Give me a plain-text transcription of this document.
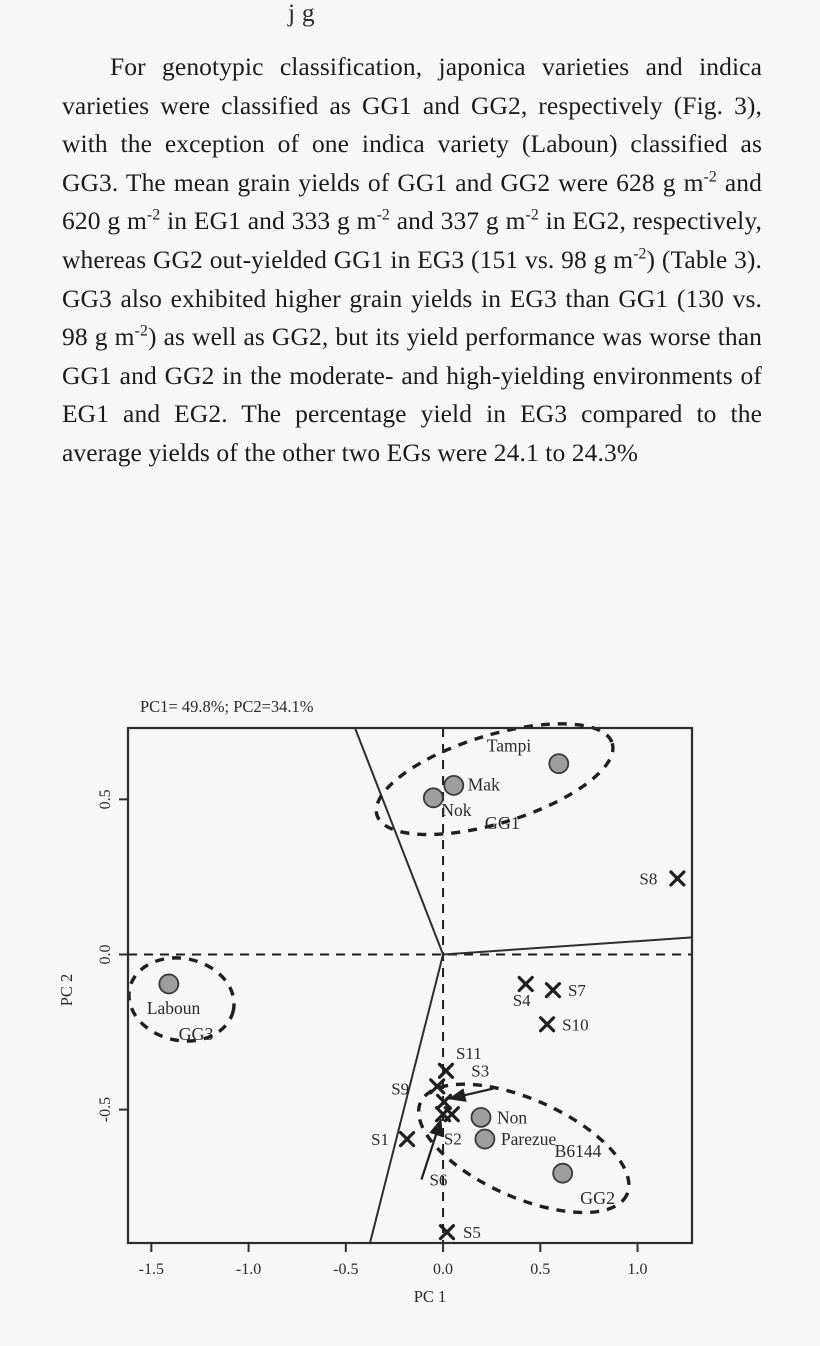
j g

For genotypic classification, japonica varieties and indica varieties were classified as GG1 and GG2, respectively (Fig. 3), with the exception of one indica variety (Laboun) classified as GG3. The mean grain yields of GG1 and GG2 were 628 g $m^{-2}$ and 620 g $m^{-2}$ in EG1 and 333 g $m^{-2}$ and 337 g $m^{-2}$ in EG2, respectively, whereas GG2 out-yielded GG1 in EG3 (151 vs. 98 g $m^{-2}$) (Table 3). GG3 also exhibited higher grain yields in EG3 than GG1 (130 vs. 98 g $m^{-2}$) as well as GG2, but its yield performance was worse than GG1 and GG2 in the moderate- and high-yielding environments of EG1 and EG2. The percentage yield in EG3 compared to the average yields of the other two EGs were 24.1 to 24.3%

PC1= 49.8%; PC2=34.1%
Tampi
Mak
Nok
Laboun
Non
Parezue
B6144
S8
S4
S7
S10
S11
S9
S2
S1
S5
S3
S6
GG1
GG2
GG3
-1.5	-1.0	-0.5	0.0	0.5	1.0
0.5
0.0
-0.5
PC 1
PC 2
